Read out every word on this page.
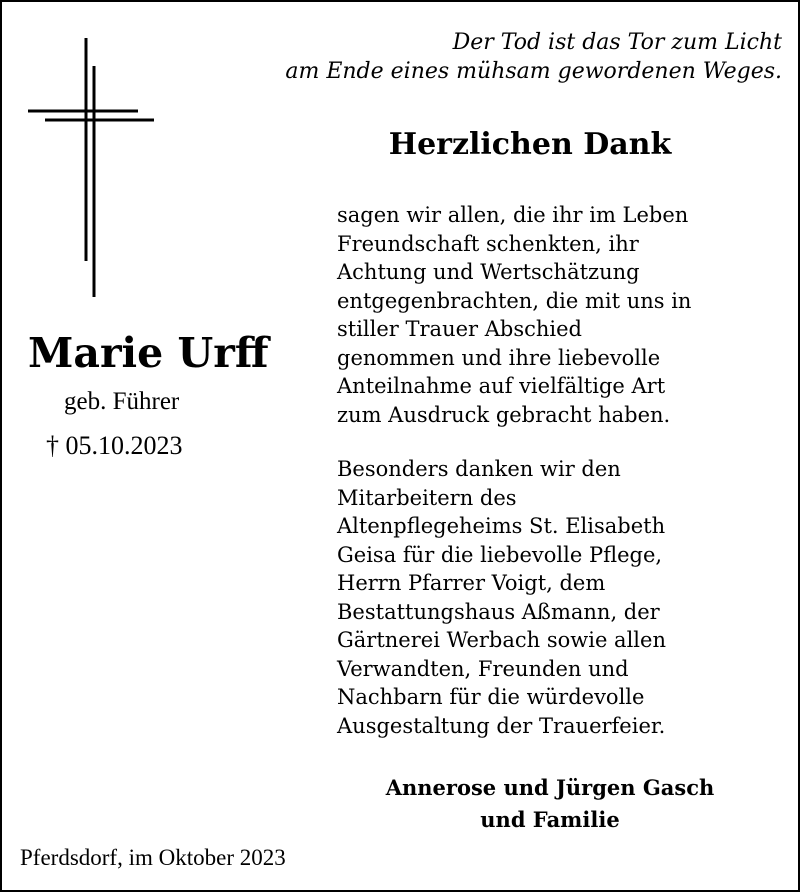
Der Tod ist das Tor zum Licht
am Ende eines mühsam gewordenen Weges.
Marie Urff
geb. Führer
† 05.10.2023
Herzlichen Dank
sagen wir allen, die ihr im Leben
Freundschaft schenkten, ihr
Achtung und Wertschätzung
entgegenbrachten, die mit uns in
stiller Trauer Abschied
genommen und ihre liebevolle
Anteilnahme auf vielfältige Art
zum Ausdruck gebracht haben.
Besonders danken wir den
Mitarbeitern des
Altenpflegeheims St. Elisabeth
Geisa für die liebevolle Pflege,
Herrn Pfarrer Voigt, dem
Bestattungshaus Aßmann, der
Gärtnerei Werbach sowie allen
Verwandten, Freunden und
Nachbarn für die würdevolle
Ausgestaltung der Trauerfeier.
Annerose und Jürgen Gasch
und Familie
Pferdsdorf, im Oktober 2023
